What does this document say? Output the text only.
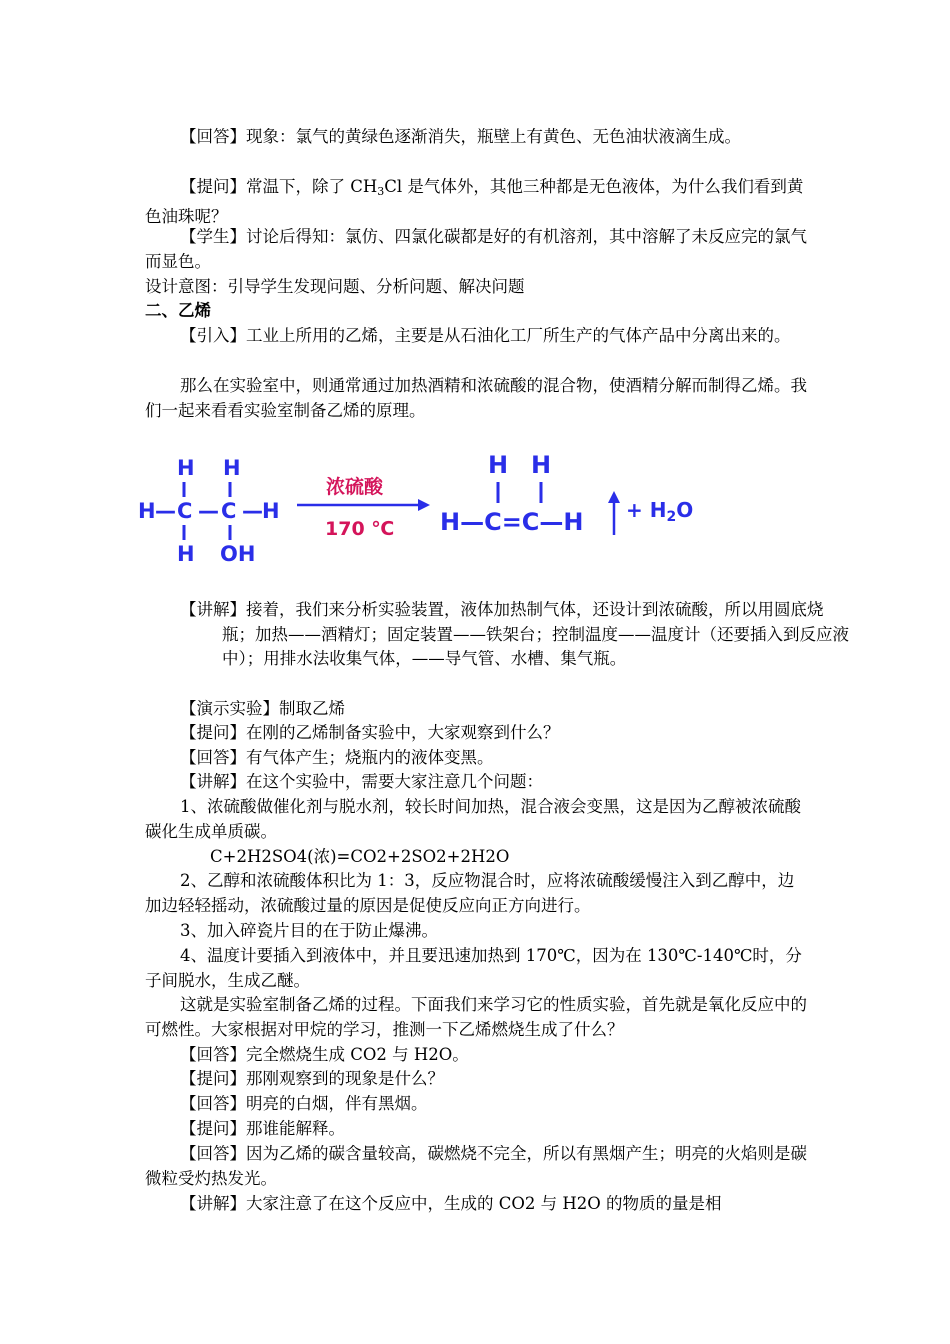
【回答】现象：氯气的黄绿色逐渐消失，瓶壁上有黄色、无色油状液滴生成。
【提问】常温下，除了 $CH_3Cl$ 是气体外，其他三种都是无色液体，为什么我们看到黄色油珠呢？
【学生】讨论后得知：氯仿、四氯化碳都是好的有机溶剂，其中溶解了未反应完的氯气而显色。
设计意图：引导学生发现问题、分析问题、解决问题
二、乙烯
【引入】工业上所用的乙烯，主要是从石油化工厂所生产的气体产品中分离出来的。
那么在实验室中，则通常通过加热酒精和浓硫酸的混合物，使酒精分解而制得乙烯。我们一起来看看实验室制备乙烯的原理。
H H
H — C — C — H
H OH
浓硫酸
170 ℃
H H
H—C=C—H + $H_2O$
【讲解】接着，我们来分析实验装置，液体加热制气体，还设计到浓硫酸，所以用圆底烧瓶；加热——酒精灯；固定装置——铁架台；控制温度——温度计（还要插入到反应液中）；用排水法收集气体，——导气管、水槽、集气瓶。
【演示实验】制取乙烯
【提问】在刚的乙烯制备实验中，大家观察到什么？
【回答】有气体产生；烧瓶内的液体变黑。
【讲解】在这个实验中，需要大家注意几个问题：
1、浓硫酸做催化剂与脱水剂，较长时间加热，混合液会变黑，这是因为乙醇被浓硫酸碳化生成单质碳。
C+2H2SO4(浓)=CO2+2SO2+2H2O
2、乙醇和浓硫酸体积比为 1：3，反应物混合时，应将浓硫酸缓慢注入到乙醇中，边加边轻轻摇动，浓硫酸过量的原因是促使反应向正方向进行。
3、加入碎瓷片目的在于防止爆沸。
4、温度计要插入到液体中，并且要迅速加热到 170℃，因为在 130℃-140℃时，分子间脱水，生成乙醚。
这就是实验室制备乙烯的过程。下面我们来学习它的性质实验，首先就是氧化反应中的可燃性。大家根据对甲烷的学习，推测一下乙烯燃烧生成了什么？
【回答】完全燃烧生成 CO2 与 H2O。
【提问】那刚观察到的现象是什么？
【回答】明亮的白烟，伴有黑烟。
【提问】那谁能解释。
【回答】因为乙烯的碳含量较高，碳燃烧不完全，所以有黑烟产生；明亮的火焰则是碳微粒受灼热发光。
【讲解】大家注意了在这个反应中，生成的 CO2 与 H2O 的物质的量是相
